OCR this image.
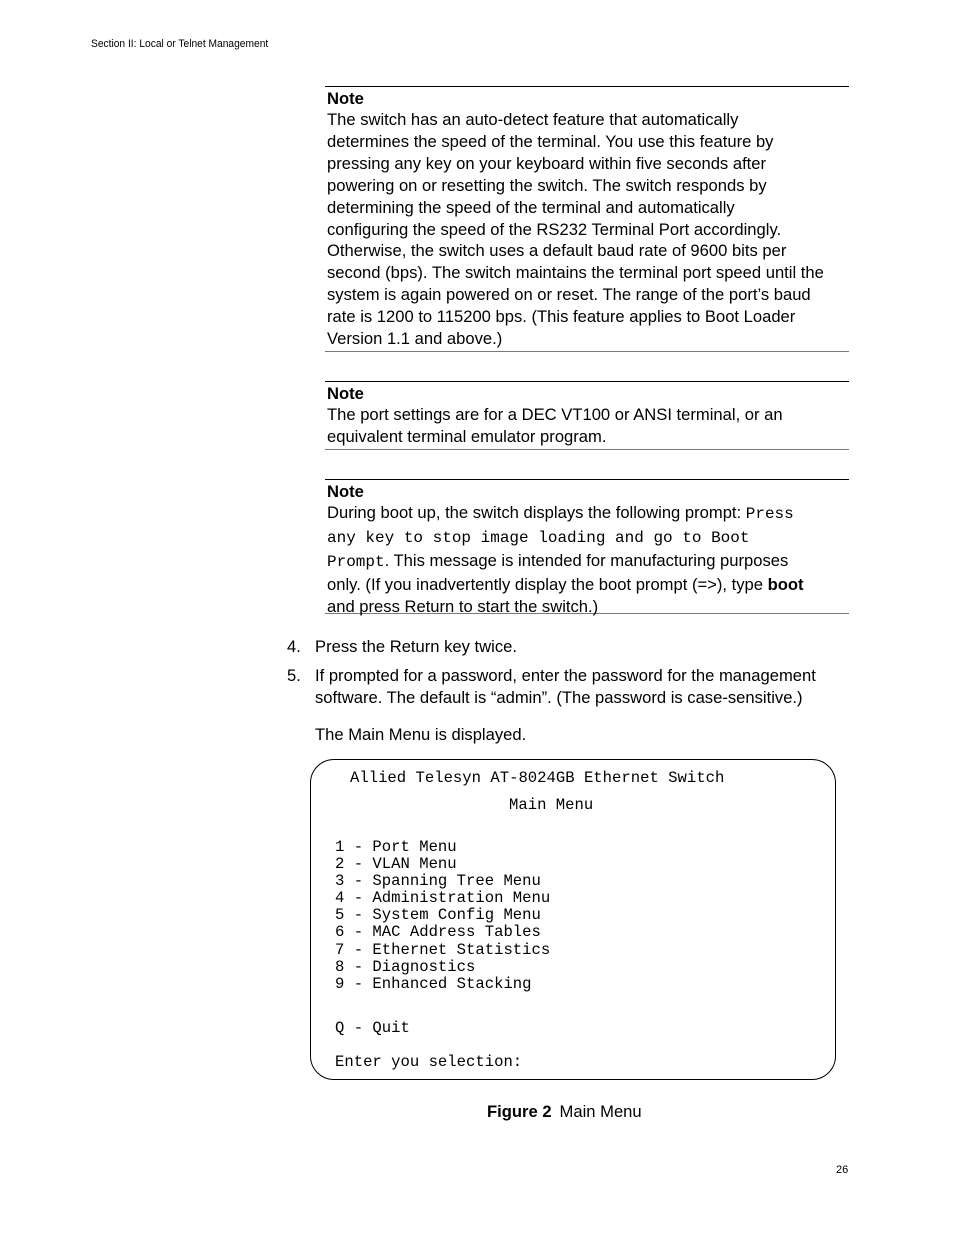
Section II: Local or Telnet Management
Note
The switch has an auto-detect feature that automatically
determines the speed of the terminal. You use this feature by
pressing any key on your keyboard within five seconds after
powering on or resetting the switch. The switch responds by
determining the speed of the terminal and automatically
configuring the speed of the RS232 Terminal Port accordingly.
Otherwise, the switch uses a default baud rate of 9600 bits per
second (bps). The switch maintains the terminal port speed until the
system is again powered on or reset. The range of the port’s baud
rate is 1200 to 115200 bps. (This feature applies to Boot Loader
Version 1.1 and above.)
Note
The port settings are for a DEC VT100 or ANSI terminal, or an
equivalent terminal emulator program.
Note
During boot up, the switch displays the following prompt: Press
any key to stop image loading and go to Boot
Prompt. This message is intended for manufacturing purposes
only. (If you inadvertently display the boot prompt (=>), type boot
and press Return to start the switch.)
4. Press the Return key twice.
5. If prompted for a password, enter the password for the management
software. The default is “admin”. (The password is case-sensitive.)
The Main Menu is displayed.
Allied Telesyn AT-8024GB Ethernet Switch
Main Menu
1 - Port Menu
2 - VLAN Menu
3 - Spanning Tree Menu
4 - Administration Menu
5 - System Config Menu
6 - MAC Address Tables
7 - Ethernet Statistics
8 - Diagnostics
9 - Enhanced Stacking
Q - Quit
Enter you selection:
Figure 2 Main Menu
26
